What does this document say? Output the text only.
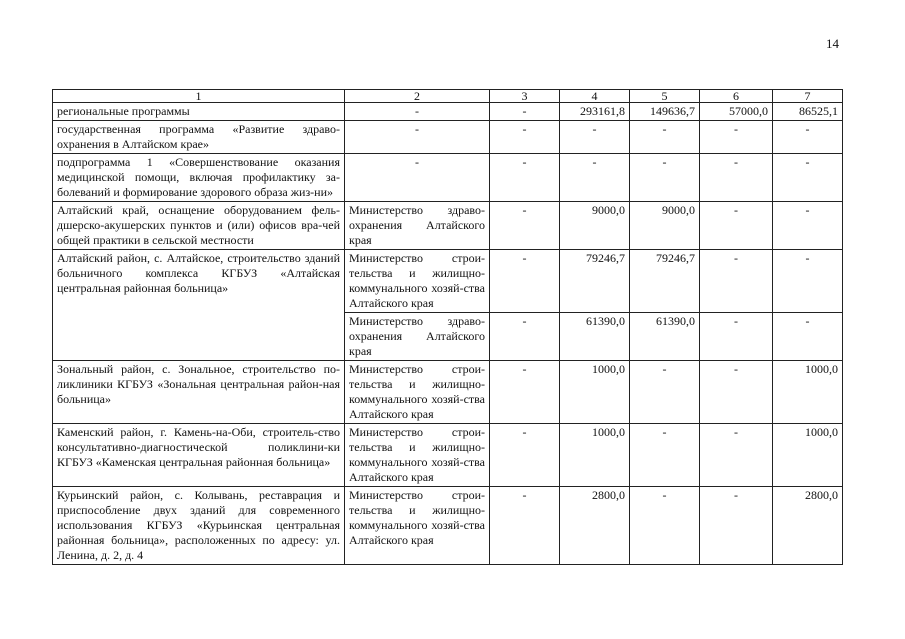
14
1	2	3	4	5	6	7
региональные программы	-	-	293161,8	149636,7	57000,0	86525,1
государственная программа «Развитие здраво-охранения в Алтайском крае»	-	-	-	-	-	-
подпрограмма 1 «Совершенствование оказания медицинской помощи, включая профилактику за-болеваний и формирование здорового образа жиз-ни»	-	-	-	-	-	-
Алтайский край, оснащение оборудованием фель-дшерско-акушерских пунктов и (или) офисов вра-чей общей практики в сельской местности	Министерство здраво-охранения Алтайского края	-	9000,0	9000,0	-	-
Алтайский район, с. Алтайское, строительство зданий больничного комплекса КГБУЗ «Алтайская центральная районная больница»	Министерство строи-тельства и жилищно-коммунального хозяй-ства Алтайского края	-	79246,7	79246,7	-	-
	Министерство здраво-охранения Алтайского края	-	61390,0	61390,0	-	-
Зональный район, с. Зональное, строительство по-ликлиники КГБУЗ «Зональная центральная район-ная больница»	Министерство строи-тельства и жилищно-коммунального хозяй-ства Алтайского края	-	1000,0	-	-	1000,0
Каменский район, г. Камень-на-Оби, строитель-ство консультативно-диагностической поликлини-ки КГБУЗ «Каменская центральная районная больница»	Министерство строи-тельства и жилищно-коммунального хозяй-ства Алтайского края	-	1000,0	-	-	1000,0
Курьинский район, с. Колывань, реставрация и приспособление двух зданий для современного использования КГБУЗ «Курьинская центральная районная больница», расположенных по адресу: ул. Ленина, д. 2, д. 4	Министерство строи-тельства и жилищно-коммунального хозяй-ства Алтайского края	-	2800,0	-	-	2800,0
